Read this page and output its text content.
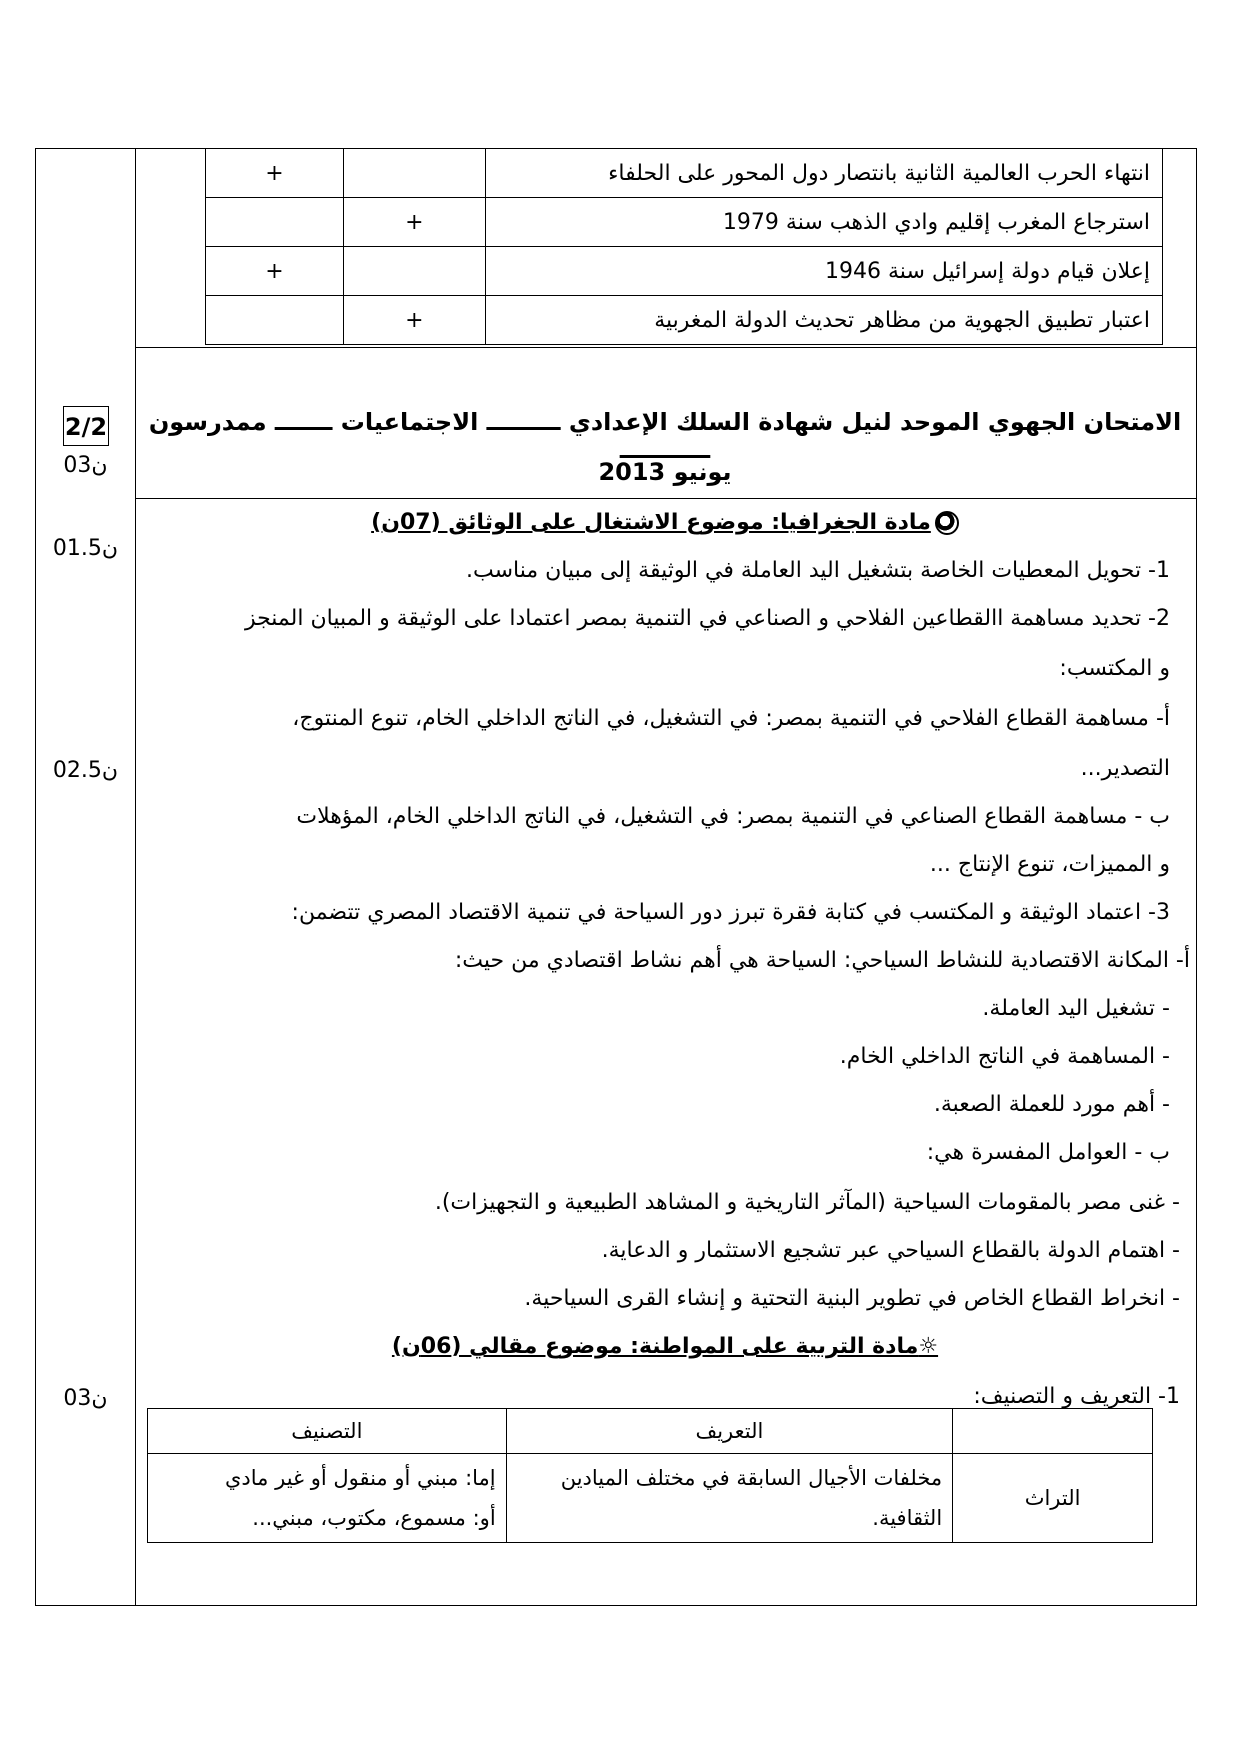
2/2
03ن
01.5ن
02.5ن
03ن
+		انتهاء الحرب العالمية الثانية بانتصار دول المحور على الحلفاء
	+	استرجاع المغرب إقليم وادي الذهب سنة 1979
+		إعلان قيام دولة إسرائيل سنة 1946
	+	اعتبار تطبيق الجهوية من مظاهر تحديث الدولة المغربية
الامتحان الجهوي الموحد لنيل شهادة السلك الإعدادي ـــــــــ الاجتماعيات ـــــــ ممدرسون ـــــــــــ
يونيو 2013
مادة الجغرافيا: موضوع الاشتغال على الوثائق (07ن)
1- تحويل المعطيات الخاصة بتشغيل اليد العاملة في الوثيقة إلى مبيان مناسب.
2- تحديد مساهمة االقطاعين الفلاحي و الصناعي في التنمية بمصر اعتمادا على الوثيقة و المبيان المنجز
و المكتسب:
أ- مساهمة القطاع الفلاحي في التنمية بمصر: في التشغيل، في الناتج الداخلي الخام، تنوع المنتوج،
التصدير...
ب - مساهمة القطاع الصناعي في التنمية بمصر: في التشغيل، في الناتج الداخلي الخام، المؤهلات
و المميزات، تنوع الإنتاج ...
3- اعتماد الوثيقة و المكتسب في كتابة فقرة تبرز دور السياحة في تنمية الاقتصاد المصري تتضمن:
أ- المكانة الاقتصادية للنشاط السياحي: السياحة هي أهم نشاط اقتصادي من حيث:
- تشغيل اليد العاملة.
- المساهمة في الناتج الداخلي الخام.
- أهم مورد للعملة الصعبة.
ب - العوامل المفسرة هي:
- غنى مصر بالمقومات السياحية (المآثر التاريخية و المشاهد الطبيعية و التجهيزات).
- اهتمام الدولة بالقطاع السياحي عبر تشجيع الاستثمار و الدعاية.
- انخراط القطاع الخاص في تطوير البنية التحتية و إنشاء القرى السياحية.
☼مادة التربية على المواطنة: موضوع مقالي (06ن)
1- التعريف و التصنيف:
	التعريف	التصنيف
التراث	مخلفات الأجيال السابقة في مختلف الميادين الثقافية.	إما: مبني أو منقول أو غير مادي
أو: مسموع، مكتوب، مبني...
